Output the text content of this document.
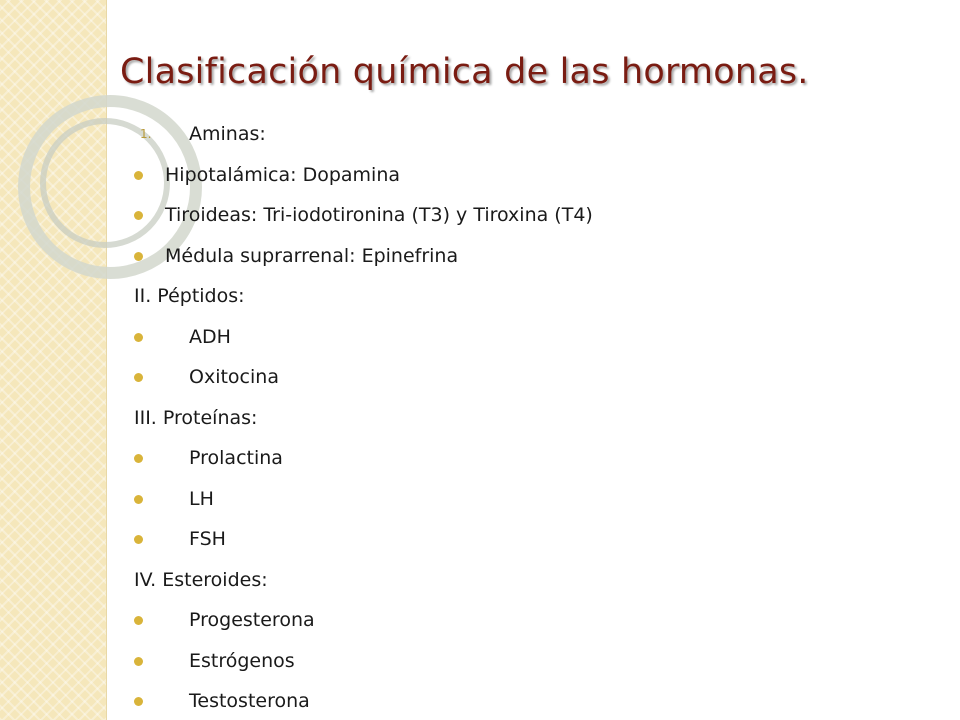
Clasificación química de las hormonas.
1. Aminas:
Hipotalámica: Dopamina
Tiroideas: Tri-iodotironina (T3) y Tiroxina (T4)
Médula suprarrenal: Epinefrina
II. Péptidos:
ADH
Oxitocina
III. Proteínas:
Prolactina
LH
FSH
IV. Esteroides:
Progesterona
Estrógenos
Testosterona
